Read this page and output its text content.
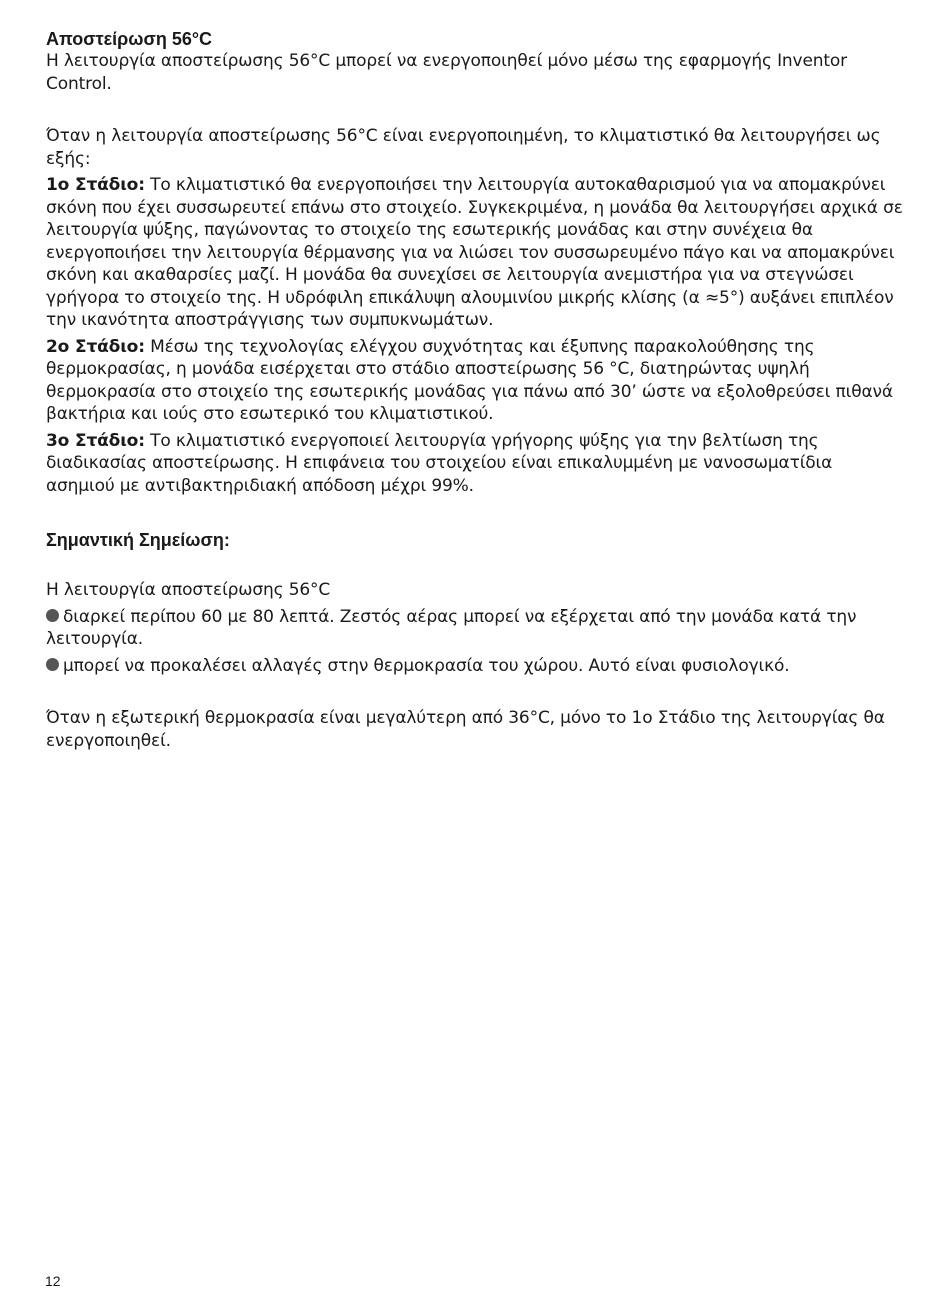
Αποστείρωση 56°C

Η λειτουργία αποστείρωσης 56°C μπορεί να ενεργοποιηθεί μόνο μέσω της εφαρμογής Inventor Control.

Όταν η λειτουργία αποστείρωσης 56°C είναι ενεργοποιημένη, το κλιματιστικό θα λειτουργήσει ως εξής:

1ο Στάδιο: Το κλιματιστικό θα ενεργοποιήσει την λειτουργία αυτοκαθαρισμού για να απομακρύνει σκόνη που έχει συσσωρευτεί επάνω στο στοιχείο. Συγκεκριμένα, η μονάδα θα λειτουργήσει αρχικά σε λειτουργία ψύξης, παγώνοντας το στοιχείο της εσωτερικής μονάδας και στην συνέχεια θα ενεργοποιήσει την λειτουργία θέρμανσης για να λιώσει τον συσσωρευμένο πάγο και να απομακρύνει σκόνη και ακαθαρσίες μαζί. Η μονάδα θα συνεχίσει σε λειτουργία ανεμιστήρα για να στεγνώσει γρήγορα το στοιχείο της. Η υδρόφιλη επικάλυψη αλουμινίου μικρής κλίσης (α ≈5°) αυξάνει επιπλέον την ικανότητα αποστράγγισης των συμπυκνωμάτων.

2ο Στάδιο: Μέσω της τεχνολογίας ελέγχου συχνότητας και έξυπνης παρακολούθησης της θερμοκρασίας, η μονάδα εισέρχεται στο στάδιο αποστείρωσης 56 °C, διατηρώντας υψηλή θερμοκρασία στο στοιχείο της εσωτερικής μονάδας για πάνω από 30’ ώστε να εξολοθρεύσει πιθανά βακτήρια και ιούς στο εσωτερικό του κλιματιστικού.

3ο Στάδιο: Το κλιματιστικό ενεργοποιεί λειτουργία γρήγορης ψύξης για την βελτίωση της διαδικασίας αποστείρωσης. Η επιφάνεια του στοιχείου είναι επικαλυμμένη με νανοσωματίδια ασημιού με αντιβακτηριδιακή απόδοση μέχρι 99%.

Σημαντική Σημείωση:

Η λειτουργία αποστείρωσης 56°C

διαρκεί περίπου 60 με 80 λεπτά. Ζεστός αέρας μπορεί να εξέρχεται από την μονάδα κατά την λειτουργία.

μπορεί να προκαλέσει αλλαγές στην θερμοκρασία του χώρου. Αυτό είναι φυσιολογικό.

Όταν η εξωτερική θερμοκρασία είναι μεγαλύτερη από 36°C, μόνο το 1ο Στάδιο της λειτουργίας θα ενεργοποιηθεί.

12
